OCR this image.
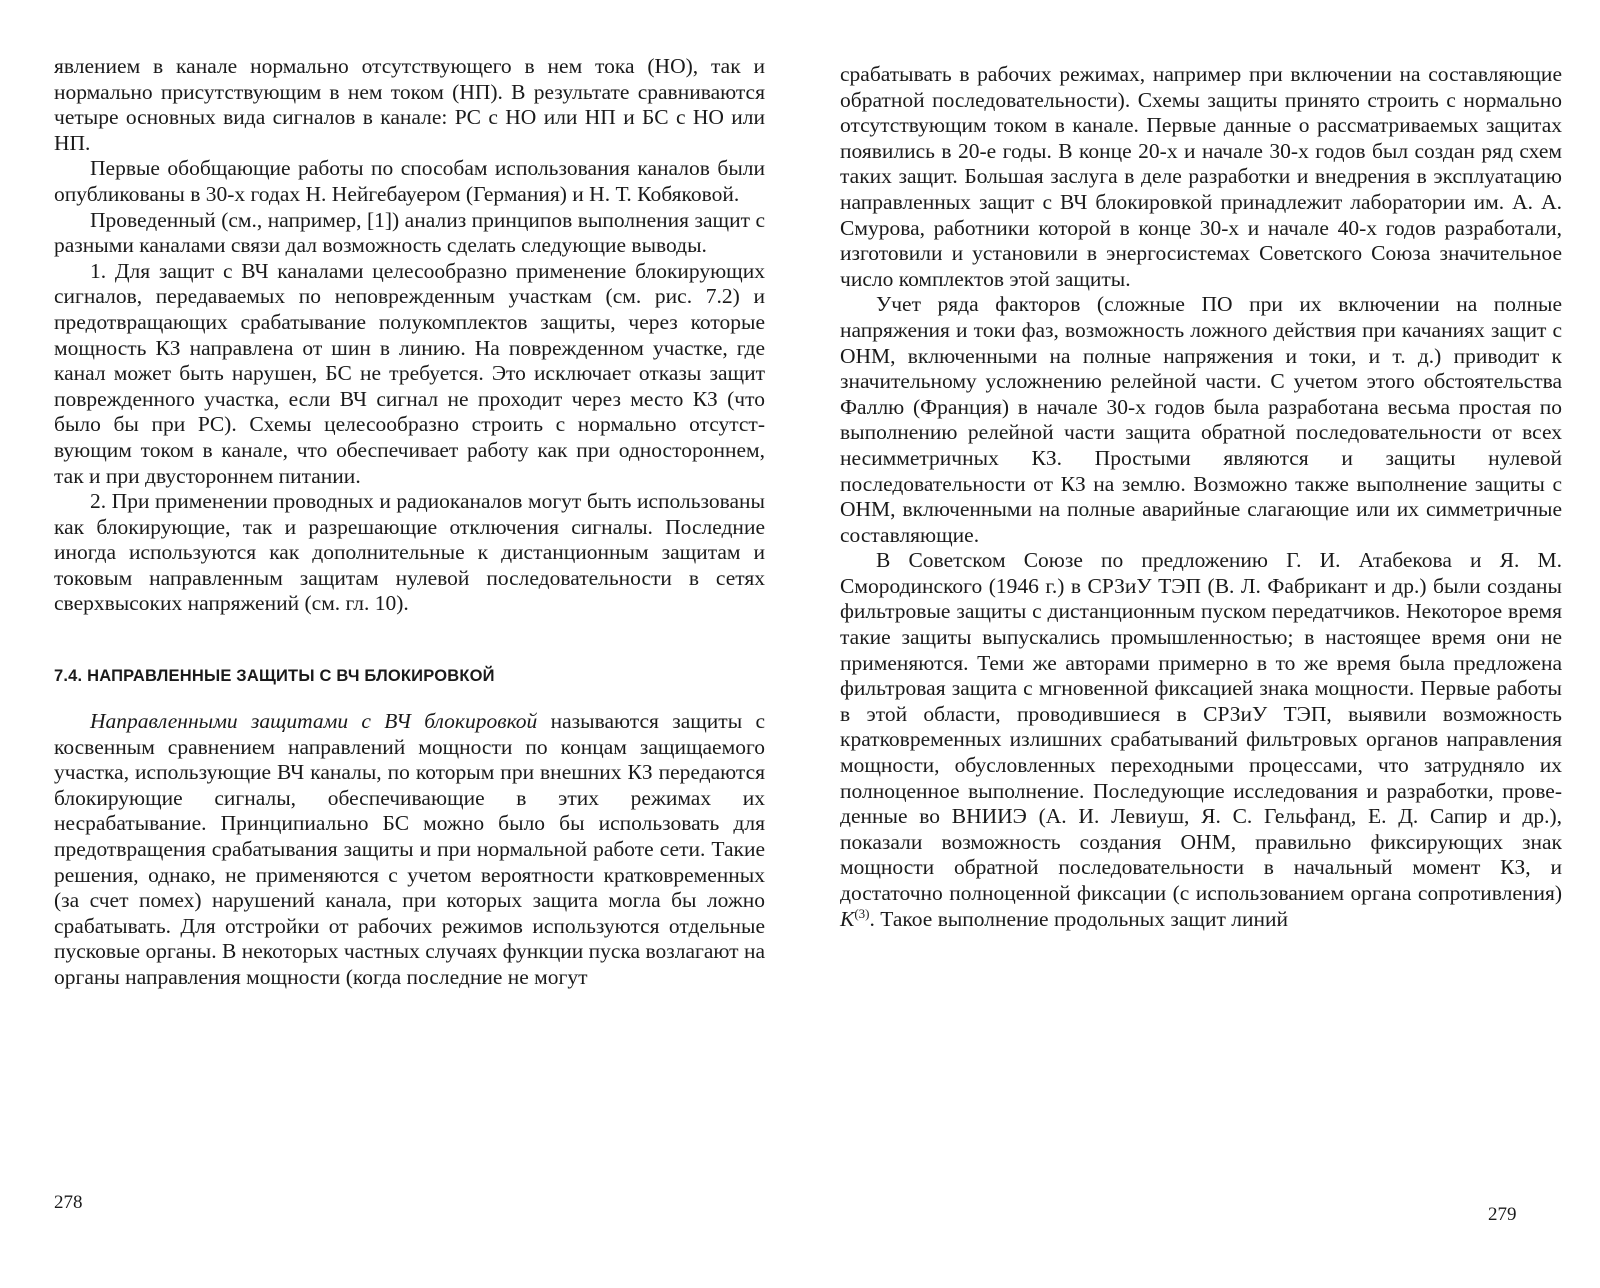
явлением в канале нормально отсутствующего в нем тока (НО), так и нормально присутствующим в нем током (НП). В результате сравниваются четыре основных вида сигналов в канале: PC с НО или НП и БС с НО или НП.

Первые обобщающие работы по способам использования каналов были опубликованы в 30-х годах Н. Нейгебауером (Германия) и Н. Т. Кобяковой.

Проведенный (см., например, [1]) анализ принципов выполнения защит с разными каналами связи дал возможность сделать следующие выводы.

1. Для защит с ВЧ каналами целесообразно применение блокирующих сигналов, передаваемых по неповрежденным участкам (см. рис. 7.2) и предотвращающих срабатывание полукомплектов защиты, через которые мощность КЗ направлена от шин в линию. На поврежденном участке, где канал может быть нарушен, БС не требуется. Это исключает отказы защит поврежденного участка, если ВЧ сигнал не проходит через место КЗ (что было бы при PC). Схемы целесообразно строить с нормально отсутствующим током в канале, что обеспечивает работу как при одностороннем, так и при двустороннем питании.

2. При применении проводных и радиоканалов могут быть использованы как блокирующие, так и разрешающие отключения сигналы. Последние иногда используются как дополнительные к дистанционным защитам и токовым направленным защитам нулевой последовательности в сетях сверхвысоких напряжений (см. гл. 10).

7.4. НАПРАВЛЕННЫЕ ЗАЩИТЫ С ВЧ БЛОКИРОВКОЙ

Направленными защитами с ВЧ блокировкой называются защиты с косвенным сравнением направлений мощности по концам защищаемого участка, использующие ВЧ каналы, по которым при внешних КЗ передаются блокирующие сигналы, обеспечивающие в этих режимах их несрабатывание. Принципиально БС можно было бы использовать для предотвращения срабатывания защиты и при нормальной работе сети. Такие решения, однако, не применяются с учетом вероятности кратковременных (за счет помех) нарушений канала, при которых защита могла бы ложно срабатывать. Для отстройки от рабочих режимов используются отдельные пусковые органы. В некоторых частных случаях функции пуска возлагают на органы направления мощности (когда последние не могут

278

срабатывать в рабочих режимах, например при включении на составляющие обратной последовательности). Схемы защиты принято строить с нормально отсутствующим током в канале. Первые данные о рассматриваемых защитах появились в 20-е годы. В конце 20-х и начале 30-х годов был создан ряд схем таких защит. Большая заслуга в деле разработки и внедрения в эксплуатацию направленных защит с ВЧ блокировкой принадлежит лаборатории им. А. А. Смурова, работники которой в конце 30-х и начале 40-х годов разработали, изготовили и установили в энергосистемах Советского Союза значительное число комплектов этой защиты.

Учет ряда факторов (сложные ПО при их включении на полные напряжения и токи фаз, возможность ложного действия при качаниях защит с ОНМ, включенными на полные напряжения и токи, и т. д.) приводит к значительному усложнению релейной части. С учетом этого обстоятельства Фаллю (Франция) в начале 30-х годов была разработана весьма простая по выполнению релейной части защита обратной последовательности от всех несимметричных КЗ. Простыми являются и защиты нулевой последовательности от КЗ на землю. Возможно также выполнение защиты с ОНМ, включенными на полные аварийные слагающие или их симметричные составляющие.

В Советском Союзе по предложению Г. И. Атабекова и Я. М. Смородинского (1946 г.) в СРЗиУ ТЭП (В. Л. Фабрикант и др.) были созданы фильтровые защиты с дистанционным пуском передатчиков. Некоторое время такие защиты выпускались промышленностью; в настоящее время они не применяются. Теми же авторами примерно в то же время была предложена фильтровая защита с мгновенной фиксацией знака мощности. Первые работы в этой области, проводившиеся в СРЗиУ ТЭП, выявили возможность кратковременных излишних срабатываний фильтровых органов направления мощности, обусловленных переходными процессами, что затрудняло их полноценное выполнение. Последующие исследования и разработки, проведенные во ВНИИЭ (А. И. Левиуш, Я. С. Гельфанд, Е. Д. Сапир и др.), показали возможность создания ОНМ, правильно фиксирующих знак мощности обратной последовательности в начальный момент КЗ, и достаточно полноценной фиксации (с использованием органа сопротивления) $K^{(3)}$. Такое выполнение продольных защит линий

279
